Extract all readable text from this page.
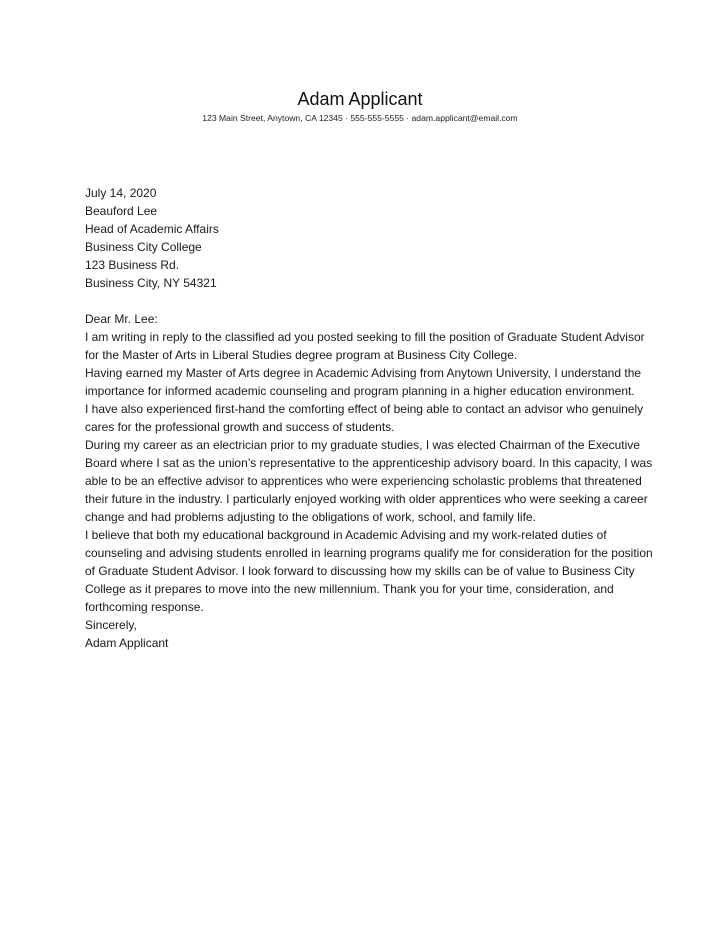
Adam Applicant
123 Main Street, Anytown, CA 12345 · 555-555-5555 · adam.applicant@email.com

July 14, 2020

Beauford Lee
Head of Academic Affairs
Business City College
123 Business Rd.
Business City, NY 54321

Dear Mr. Lee:

I am writing in reply to the classified ad you posted seeking to fill the position of Graduate Student Advisor for the Master of Arts in Liberal Studies degree program at Business City College.

Having earned my Master of Arts degree in Academic Advising from Anytown University, I understand the importance for informed academic counseling and program planning in a higher education environment.

I have also experienced first-hand the comforting effect of being able to contact an advisor who genuinely cares for the professional growth and success of students.

During my career as an electrician prior to my graduate studies, I was elected Chairman of the Executive Board where I sat as the union’s representative to the apprenticeship advisory board. In this capacity, I was able to be an effective advisor to apprentices who were experiencing scholastic problems that threatened their future in the industry. I particularly enjoyed working with older apprentices who were seeking a career change and had problems adjusting to the obligations of work, school, and family life.

I believe that both my educational background in Academic Advising and my work-related duties of counseling and advising students enrolled in learning programs qualify me for consideration for the position of Graduate Student Advisor. I look forward to discussing how my skills can be of value to Business City College as it prepares to move into the new millennium. Thank you for your time, consideration, and forthcoming response.

Sincerely,

Adam Applicant
